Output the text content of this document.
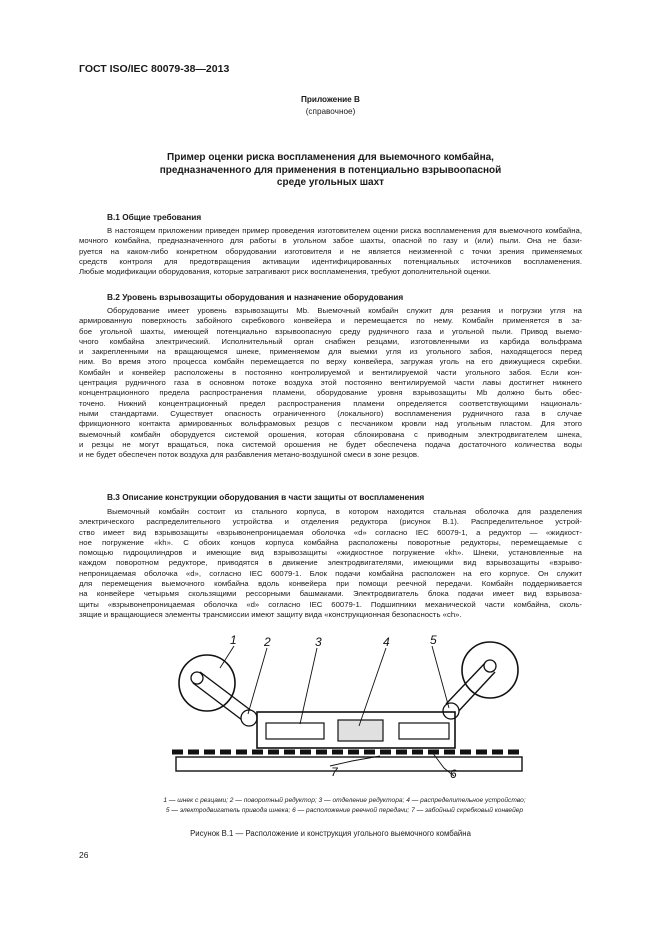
ГОСТ ISO/IEC 80079-38—2013
Приложение В
(справочное)
Пример оценки риска воспламенения для выемочного комбайна,
предназначенного для применения в потенциально взрывоопасной
среде угольных шахт
В.1 Общие требования
В настоящем приложении приведен пример проведения изготовителем оценки риска воспламенения для выемочного комбайна,
мочного комбайна, предназначенного для работы в угольном забое шахты, опасной по газу и (или) пыли. Она не бази-
руется на каком-либо конкретном оборудовании изготовителя и не является неизменной с точки зрения применяемых
средств контроля для предотвращения активации идентифицированных потенциальных источников воспламенения.
Любые модификации оборудования, которые затрагивают риск воспламенения, требуют дополнительной оценки.
В.2 Уровень взрывозащиты оборудования и назначение оборудования
Оборудование имеет уровень взрывозащиты Mb. Выемочный комбайн служит для резания и погрузки угля на
армированную поверхность забойного скребкового конвейера и перемещается по нему. Комбайн применяется в за-
бое угольной шахты, имеющей потенциально взрывоопасную среду рудничного газа и угольной пыли. Привод выемо-
чного комбайна электрический. Исполнительный орган снабжен резцами, изготовленными из карбида вольфрама
и закрепленными на вращающемся шнеке, применяемом для выемки угля из угольного забоя, находящегося перед
ним. Во время этого процесса комбайн перемещается по верху конвейера, загружая уголь на его движущиеся скребки.
Комбайн и конвейер расположены в постоянно контролируемой и вентилируемой части угольного забоя. Если кон-
центрация рудничного газа в основном потоке воздуха этой постоянно вентилируемой части лавы достигнет нижнего
концентрационного предела распространения пламени, оборудование уровня взрывозащиты Mb должно быть обес-
точено. Нижний концентрационный предел распространения пламени определяется соответствующими националь-
ными стандартами. Существует опасность ограниченного (локального) воспламенения рудничного газа в случае
фрикционного контакта армированных вольфрамовых резцов с песчаником кровли над угольным пластом. Для этого
выемочный комбайн оборудуется системой орошения, которая сблокирована с приводным электродвигателем шнека,
и резцы не могут вращаться, пока системой орошения не будет обеспечена подача достаточного количества воды
и не будет обеспечен поток воздуха для разбавления метано-воздушной смеси в зоне резцов.
В.3 Описание конструкции оборудования в части защиты от воспламенения
Выемочный комбайн состоит из стального корпуса, в котором находится стальная оболочка для разделения
электрического распределительного устройства и отделения редуктора (рисунок В.1). Распределительное устрой-
ство имеет вид взрывозащиты «взрывонепроницаемая оболочка «d» согласно IEC 60079-1, а редуктор — «жидкост-
ное погружение «kh». С обоих концов корпуса комбайна расположены поворотные редукторы, перемещаемые с
помощью гидроцилиндров и имеющие вид взрывозащиты «жидкостное погружение «kh». Шнеки, установленные на
каждом поворотном редукторе, приводятся в движение электродвигателями, имеющими вид взрывозащиты «взрыво-
непроницаемая оболочка «d», согласно IEC 60079-1. Блок подачи комбайна расположен на его корпусе. Он служит
для перемещения выемочного комбайна вдоль конвейера при помощи реечной передачи. Комбайн поддерживается
на конвейере четырьмя скользящими рессорными башмаками. Электродвигатель блока подачи имеет вид взрывоза-
щиты «взрывонепроницаемая оболочка «d» согласно IEC 60079-1. Подшипники механической части комбайна, сколь-
зящие и вращающиеся элементы трансмиссии имеют защиту вида «конструкционная безопасность «ch».
1 2	3	4	5
6
7
1 — шнек с резцами; 2 — поворотный редуктор; 3 — отделение редуктора; 4 — распределительное устройство;
5 — электродвигатель привода шнека; 6 — расположение реечной передачи; 7 — забойный скребковый конвейер
Рисунок В.1 — Расположение и конструкция угольного выемочного комбайна
26
